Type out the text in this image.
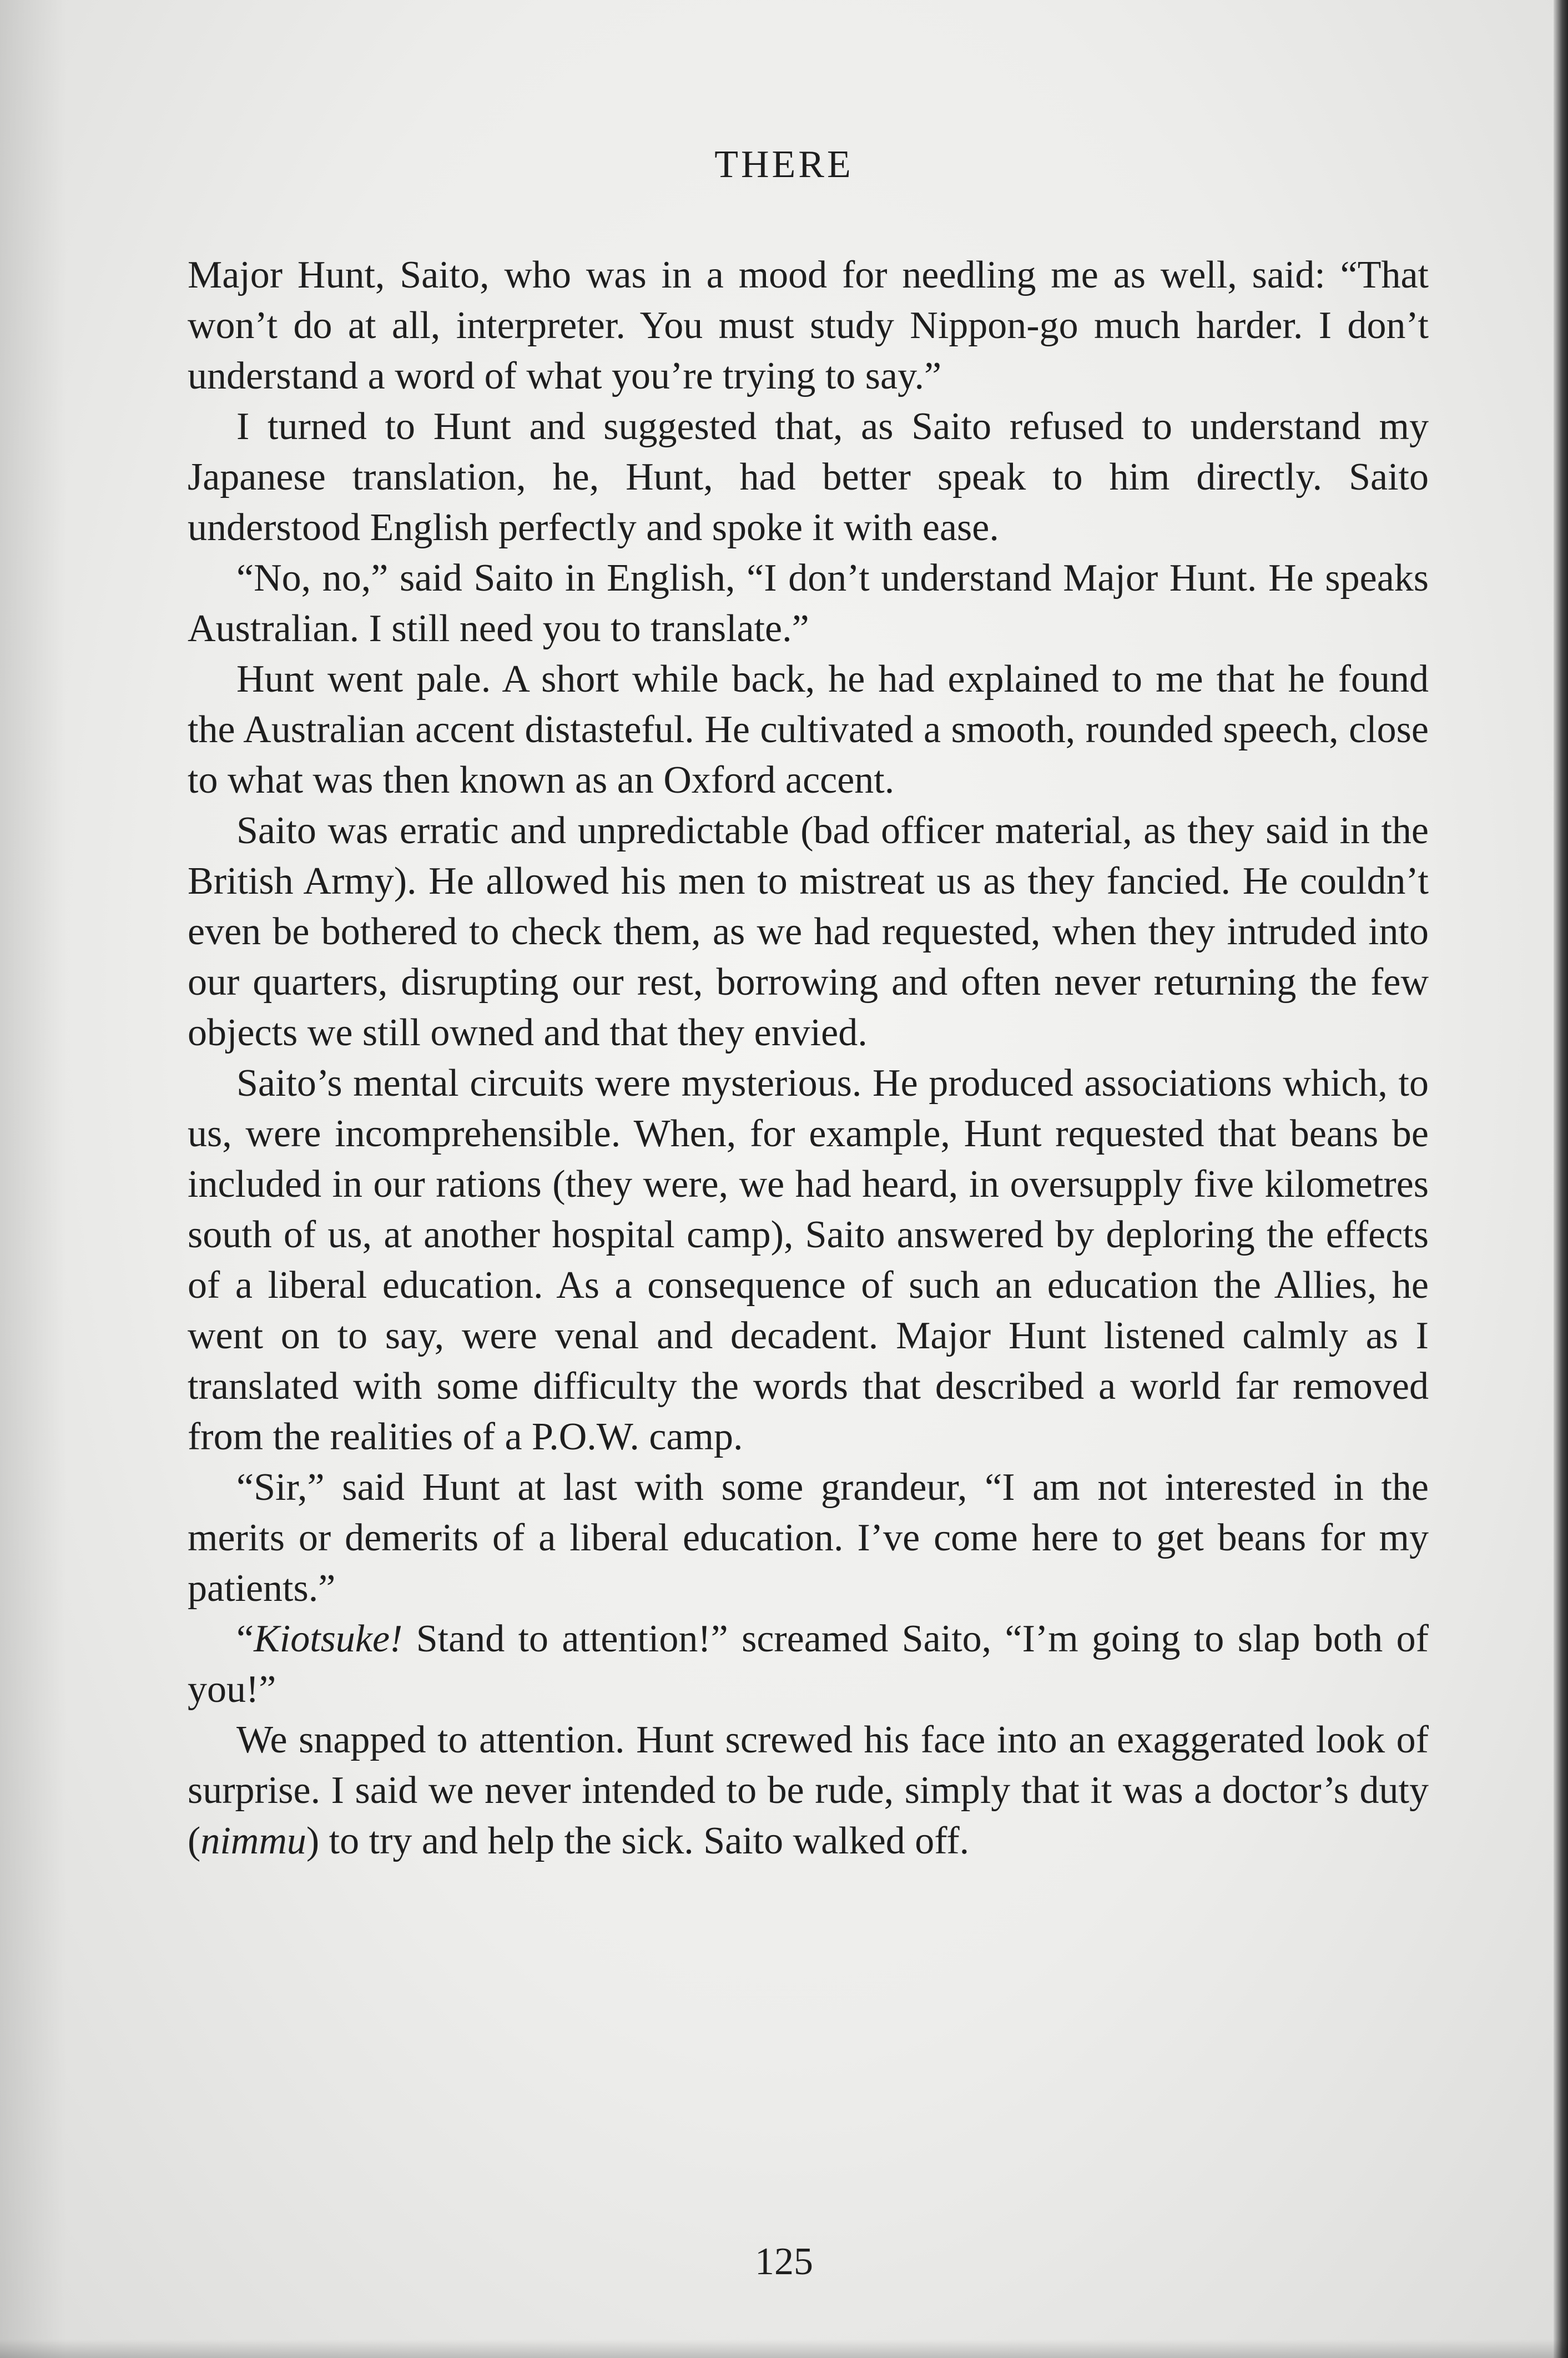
THERE

Major Hunt, Saito, who was in a mood for needling me as well, said: “That won’t do at all, interpreter. You must study Nippon-go much harder. I don’t understand a word of what you’re trying to say.”

I turned to Hunt and suggested that, as Saito refused to understand my Japanese translation, he, Hunt, had better speak to him directly. Saito understood English perfectly and spoke it with ease.

“No, no,” said Saito in English, “I don’t understand Major Hunt. He speaks Australian. I still need you to translate.”

Hunt went pale. A short while back, he had explained to me that he found the Australian accent distasteful. He cultivated a smooth, rounded speech, close to what was then known as an Oxford accent.

Saito was erratic and unpredictable (bad officer material, as they said in the British Army). He allowed his men to mistreat us as they fancied. He couldn’t even be bothered to check them, as we had requested, when they intruded into our quarters, disrupting our rest, borrowing and often never returning the few objects we still owned and that they envied.

Saito’s mental circuits were mysterious. He produced associations which, to us, were incomprehensible. When, for example, Hunt requested that beans be included in our rations (they were, we had heard, in oversupply five kilometres south of us, at another hospital camp), Saito answered by deploring the effects of a liberal education. As a consequence of such an education the Allies, he went on to say, were venal and decadent. Major Hunt listened calmly as I translated with some difficulty the words that described a world far removed from the realities of a P.O.W. camp.

“Sir,” said Hunt at last with some grandeur, “I am not interested in the merits or demerits of a liberal education. I’ve come here to get beans for my patients.”

“Kiotsuke! Stand to attention!” screamed Saito, “I’m going to slap both of you!”

We snapped to attention. Hunt screwed his face into an exaggerated look of surprise. I said we never intended to be rude, simply that it was a doctor’s duty (nimmu) to try and help the sick. Saito walked off.

125
